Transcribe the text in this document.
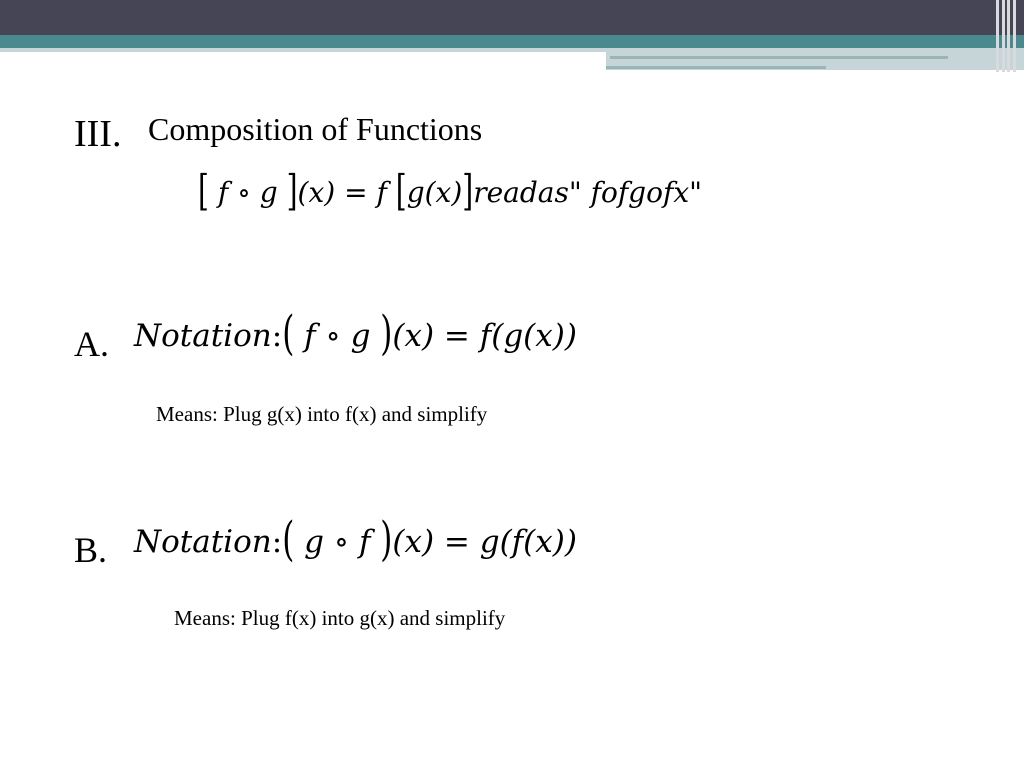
III. Composition of Functions
[ f ∘ g ](x) = f [g(x)]readas" fofgofx"
A. Notation:( f ∘ g )(x) = f(g(x))
Means: Plug g(x) into f(x) and simplify
B. Notation:( g ∘ f )(x) = g(f(x))
Means: Plug f(x) into g(x) and simplify
